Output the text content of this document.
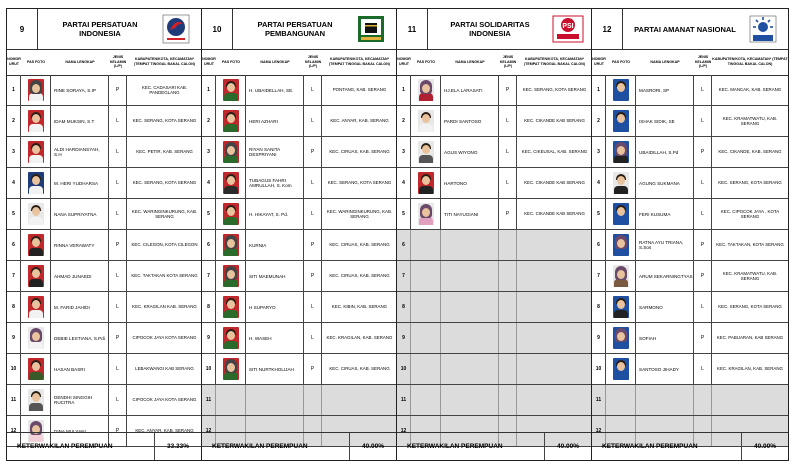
9	PARTAI PERSATUAN INDONESIA
NOMOR URUT
PAS FOTO	NAMA LENGKAP
JENIS KELAMIN (L/P)
KABUPATEN/KOTA, KECAMATAN* (TEMPAT TINGGAL BAKAL CALON)
1	RINE SORAYA, S.IP	P	KEC. CADASARI KAB. PANDEGLANG
2	IDAM MUKSIN, S.T	L	KEC. SERANG, KOTA SERANG
3	ALDI HARDIANSYAH, S.H	L	KEC. PETIR, KAB. SERANG
4	M. HERI YUDHARSA	L	KEC. SERANG, KOTA SERANG
5	NANA SUPRIYATNA	L	KEC. WARINGINKURUNG, KAB. SERANG
6	RINNA VERAWATY	P	KEC. CILEGON, KOTA CILEGON
7	AHMAD JUNAEDI	L	KEC. TAKTAKAN KOTA SERANG
8	M. FARID JAHIDI	L	KEC. KRAGILAN KAB. SERANG
9	DEBIE LESTIANA, S.Pdi	P	CIPOCOK JAYA KOTA SERANG
10	HASAN BASRI	L	LEBAKWANGI KAB SERANG
11	DENDHI SINGGIH RUCITRA	L	CIPOCOK JAYA KOTA SERANG
12	DINA MULYANI	P	KEC. ANYAR, KAB. SERANG
KETERWAKILAN PEREMPUAN	33.33%
10	PARTAI PERSATUAN PEMBANGUNAN
NOMOR URUT
PAS FOTO	NAMA LENGKAP
JENIS KELAMIN (L/P)
KABUPATEN/KOTA, KECAMATAN* (TEMPAT TINGGAL BAKAL CALON)
1	H. UBAIDELLAH, SE.	L	PONTANG, KAB. SERANG
2	HERI AZHARI	L	KEC. ANYAR, KAB. SERANG
3	RIYAN SANITA DESPRIYANI	P	KEC. CIRUAS, KAB. SERANG
4	TUBAGUS FAHRI AMRULLAH, S. Kom	L	KEC. SERANG, KOTA SERANG
5	H. HIKAYAT, S. Pd.	L	KEC. WARINGINKURUNG, KAB. SERANG
6	KURNIA	P	KEC. CIRUAS, KAB. SERANG
7	SITI MAEMUNAH	P	KEC. CIRUAS, KAB. SERANG
8	H SUPARYO	L	KEC. KIBIN, KAB. SERANG
9	H. WASEH	L	KEC. KRAGILAN, KAB. SERANG
10	SITI NURTKHOLIJAH	P	KEC. CIRUAS, KAB. SERANG
11
12
KETERWAKILAN PEREMPUAN	40.00%
11	PARTAI SOLIDARITAS INDONESIA
PSI
NOMOR URUT
PAS FOTO	NAMA LENGKAP
JENIS KELAMIN (L/P)
KABUPATEN/KOTA, KECAMATAN* (TEMPAT TINGGAL BAKAL CALON)
1	HJ.ELA LARASATI	P	KEC. SERANG, KOTA SERANG
2	PARDI SANTOSO	L	KEC. CIKANDE KAB SERANG
3	AGUS WIYONO	L	KEC. CIKEUSAL, KAB. SERANG
4	HARTONO	L	KEC. CIKANDE KAB SERANG
5	TITI NAYUGIANI	P	KEC. CIKANDE KAB SERANG
6
7
8
9
10
11
12
KETERWAKILAN PEREMPUAN	40.00%
12	PARTAI AMANAT NASIONAL
NOMOR URUT
PAS FOTO	NAMA LENGKAP
JENIS KELAMIN (L/P)
KABUPATEN/KOTA, KECAMATAN* (TEMPAT TINGGAL BAKAL CALON)
1	MASRORI, SP	L	KEC. MANCAK, KAB. SERANG
2	ISHAK SIDIK, SE	L	KEC. KRAMATWATU, KAB. SERANG
3	UBAIDILLAH, S.Pd	P	KEC. CIKANDE, KAB. SERANG
4	AGUNG SUKMANA	L	KEC. SERANG, KOTA SERANG
5	FERI KUSUMA	L	KEC. CIPOCOK JAYA , KOTA SERANG
6	RATNA AYU TRIANA, S.Sos	P	KEC. TAKTAKAN, KOTA SERANG
7	ARUM SEKARNINGTYAS	P	KEC. KRAMATWATU, KAB. SERANG
8	SARMONO	L	KEC. SERANG, KOTA SERANG
9	SOFIAH	P	KEC. PABUARAN, KAB SERANG
10	SANTOSO JIHADY	L	KEC. KRAGILAN, KAB. SERANG
11
12
KETERWAKILAN PEREMPUAN	40.00%
